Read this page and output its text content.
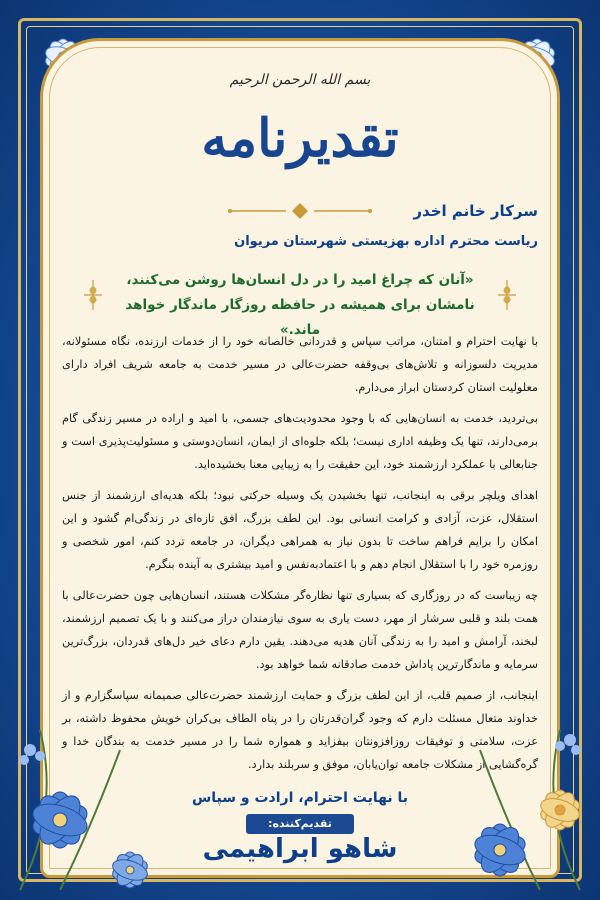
بسم الله الرحمن الرحیم
تقدیرنامه
سرکار خانم اخدر
ریاست محترم اداره بهزیستی شهرستان مریوان
«آنان که چراغ امید را در دل انسان‌ها روشن می‌کنند،
نامشان برای همیشه در حافظه روزگار ماندگار خواهد ماند.»

با نهایت احترام و امتنان، مراتب سپاس و قدردانی خالصانه خود را از خدمات ارزنده، نگاه مسئولانه، مدیریت دلسوزانه و تلاش‌های بی‌وقفه حضرت‌عالی در مسیر خدمت به جامعه شریف افراد دارای معلولیت استان کردستان ابراز می‌دارم.

بی‌تردید، خدمت به انسان‌هایی که با وجود محدودیت‌های جسمی، با امید و اراده در مسیر زندگی گام برمی‌دارند، تنها یک وظیفه اداری نیست؛ بلکه جلوه‌ای از ایمان، انسان‌دوستی و مسئولیت‌پذیری است و جنابعالی با عملکرد ارزشمند خود، این حقیقت را به زیبایی معنا بخشیده‌اید.

اهدای ویلچر برقی به اینجانب، تنها بخشیدن یک وسیله حرکتی نبود؛ بلکه هدیه‌ای ارزشمند از جنس استقلال، عزت، آزادی و کرامت انسانی بود. این لطف بزرگ، افق تازه‌ای در زندگی‌ام گشود و این امکان را برایم فراهم ساخت تا بدون نیاز به همراهی دیگران، در جامعه تردد کنم، امور شخصی و روزمره خود را با استقلال انجام دهم و با اعتماد‌به‌نفس و امید بیشتری به آینده بنگرم.

چه زیباست که در روزگاری که بسیاری تنها نظاره‌گر مشکلات هستند، انسان‌هایی چون حضرت‌عالی با همت بلند و قلبی سرشار از مهر، دست یاری به سوی نیازمندان دراز می‌کنند و با یک تصمیم ارزشمند، لبخند، آرامش و امید را به زندگی آنان هدیه می‌دهند. یقین دارم دعای خیر دل‌های قدردان، بزرگ‌ترین سرمایه و ماندگارترین پاداش خدمت صادقانه شما خواهد بود.

اینجانب، از صمیم قلب، از این لطف بزرگ و حمایت ارزشمند حضرت‌عالی صمیمانه سپاسگزارم و از خداوند متعال مسئلت دارم که وجود گران‌قدرتان را در پناه الطاف بی‌کران خویش محفوظ داشته، بر عزت، سلامتی و توفیقات روزافزونتان بیفزاید و همواره شما را در مسیر خدمت به بندگان خدا و گره‌گشایی از مشکلات جامعه توان‌یابان، موفق و سربلند بدارد.

با نهایت احترام، ارادت و سپاس
تقدیم‌کننده:
شاهو ابراهیمی
